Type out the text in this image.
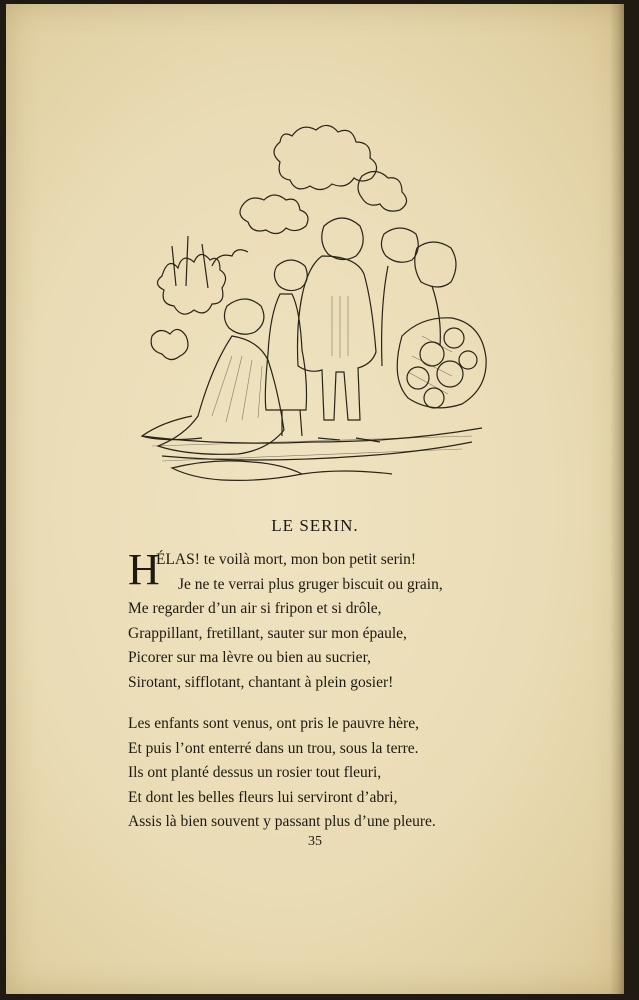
LE SERIN.
H
ÉLAS! te voilà mort, mon bon petit serin!
Je ne te verrai plus gruger biscuit ou grain,
Me regarder d’un air si fripon et si drôle,
Grappillant, fretillant, sauter sur mon épaule,
Picorer sur ma lèvre ou bien au sucrier,
Sirotant, sifflotant, chantant à plein gosier!
Les enfants sont venus, ont pris le pauvre hère,
Et puis l’ont enterré dans un trou, sous la terre.
Ils ont planté dessus un rosier tout fleuri,
Et dont les belles fleurs lui serviront d’abri,
Assis là bien souvent y passant plus d’une pleure.
35
